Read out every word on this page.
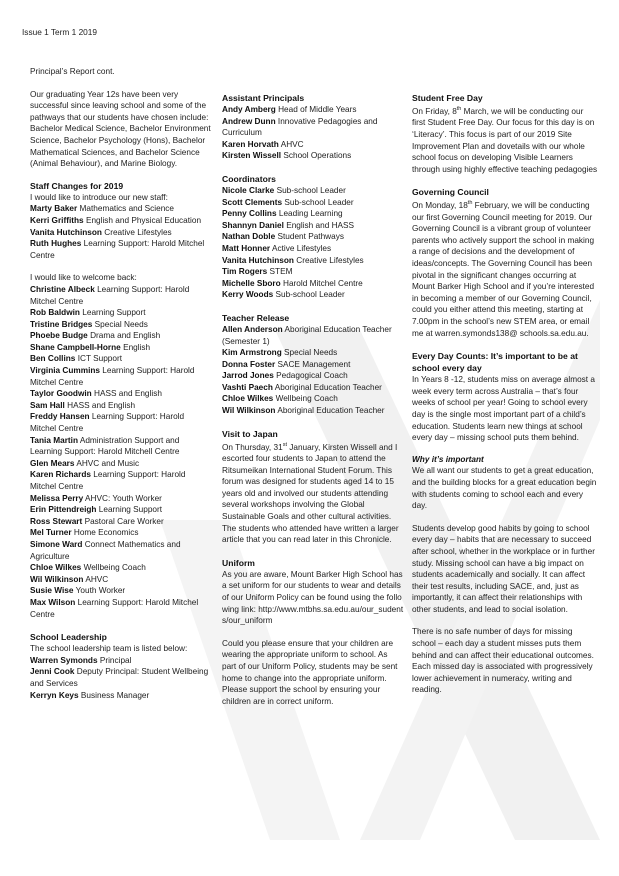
Issue 1 Term 1 2019

Principal’s Report cont.

Our graduating Year 12s have been very successful since leaving school and some of the pathways that our students have chosen include: Bachelor Medical Science, Bachelor Environment Science, Bachelor Psychology (Hons), Bachelor Mathematical Sciences, and Bachelor Science (Animal Behaviour), and Marine Biology.

Staff Changes for 2019

I would like to introduce our new staff:

Marty Baker Mathematics and Science

Kerri Griffiths English and Physical Education

Vanita Hutchinson Creative Lifestyles

Ruth Hughes Learning Support: Harold Mitchel Centre

I would like to welcome back:

Christine Albeck Learning Support: Harold Mitchel Centre

Rob Baldwin Learning Support

Tristine Bridges Special Needs

Phoebe Budge Drama and English

Shane Campbell-Horne English

Ben Collins ICT Support

Virginia Cummins Learning Support: Harold Mitchel Centre

Taylor Goodwin HASS and English

Sam Hall HASS and English

Freddy Hansen Learning Support: Harold Mitchel Centre

Tania Martin Administration Support and Learning Support: Harold Mitchell Centre

Glen Mears AHVC and Music

Karen Richards Learning Support: Harold Mitchel Centre

Melissa Perry AHVC: Youth Worker

Erin Pittendreigh Learning Support

Ross Stewart Pastoral Care Worker

Mel Turner Home Economics

Simone Ward Connect Mathematics and Agriculture

Chloe Wilkes Wellbeing Coach

Wil Wilkinson AHVC

Susie Wise Youth Worker

Max Wilson Learning Support: Harold Mitchel Centre

School Leadership

The school leadership team is listed below:

Warren Symonds Principal

Jenni Cook Deputy Principal: Student Wellbeing and Services

Kerryn Keys Business Manager

Assistant Principals

Andy Amberg Head of Middle Years

Andrew Dunn Innovative Pedagogies and Curriculum

Karen Horvath AHVC

Kirsten Wissell School Operations

Coordinators

Nicole Clarke Sub-school Leader

Scott Clements Sub-school Leader

Penny Collins Leading Learning

Shannyn Daniel English and HASS

Nathan Doble Student Pathways

Matt Honner Active Lifestyles

Vanita Hutchinson Creative Lifestyles

Tim Rogers STEM

Michelle Sboro Harold Mitchel Centre

Kerry Woods Sub-school Leader

Teacher Release

Allen Anderson Aboriginal Education Teacher (Semester 1)

Kim Armstrong Special Needs

Donna Foster SACE Management

Jarrod Jones Pedagogical Coach

Vashti Paech Aboriginal Education Teacher

Chloe Wilkes Wellbeing Coach

Wil Wilkinson Aboriginal Education Teacher

Visit to Japan

On Thursday, 31st January, Kirsten Wissell and I escorted four students to Japan to attend the Ritsumeikan International Student Forum. This forum was designed for students aged 14 to 15 years old and involved our students attending several workshops involving the Global Sustainable Goals and other cultural activities. The students who attended have written a larger article that you can read later in this Chronicle.

Uniform

As you are aware, Mount Barker High School has a set uniform for our students to wear and details of our Uniform Policy can be found using the following link: http://www.mtbhs.sa.edu.au/our_sudents/our_uniform

Could you please ensure that your children are wearing the appropriate uniform to school. As part of our Uniform Policy, students may be sent home to change into the appropriate uniform. Please support the school by ensuring your children are in correct uniform.

Student Free Day

On Friday, 8th March, we will be conducting our first Student Free Day. Our focus for this day is on ‘Literacy’. This focus is part of our 2019 Site Improvement Plan and dovetails with our whole school focus on developing Visible Learners through using highly effective teaching pedagogies

Governing Council

On Monday, 18th February, we will be conducting our first Governing Council meeting for 2019. Our Governing Council is a vibrant group of volunteer parents who actively support the school in making a range of decisions and the development of ideas/concepts. The Governing Council has been pivotal in the significant changes occurring at Mount Barker High School and if you’re interested in becoming a member of our Governing Council, could you either attend this meeting, starting at 7.00pm in the school’s new STEM area, or email me at warren.symonds138@ schools.sa.edu.au.

Every Day Counts: It’s important to be at school every day

In Years 8 -12, students miss on average almost a week every term across Australia – that’s four weeks of school per year! Going to school every day is the single most important part of a child’s education. Students learn new things at school every day – missing school puts them behind.

Why it’s important

We all want our students to get a great education, and the building blocks for a great education begin with students coming to school each and every day.

Students develop good habits by going to school every day – habits that are necessary to succeed after school, whether in the workplace or in further study. Missing school can have a big impact on students academically and socially. It can affect their test results, including SACE, and, just as importantly, it can affect their relationships with other students, and lead to social isolation.

There is no safe number of days for missing school – each day a student misses puts them behind and can affect their educational outcomes. Each missed day is associated with progressively lower achievement in numeracy, writing and reading.
